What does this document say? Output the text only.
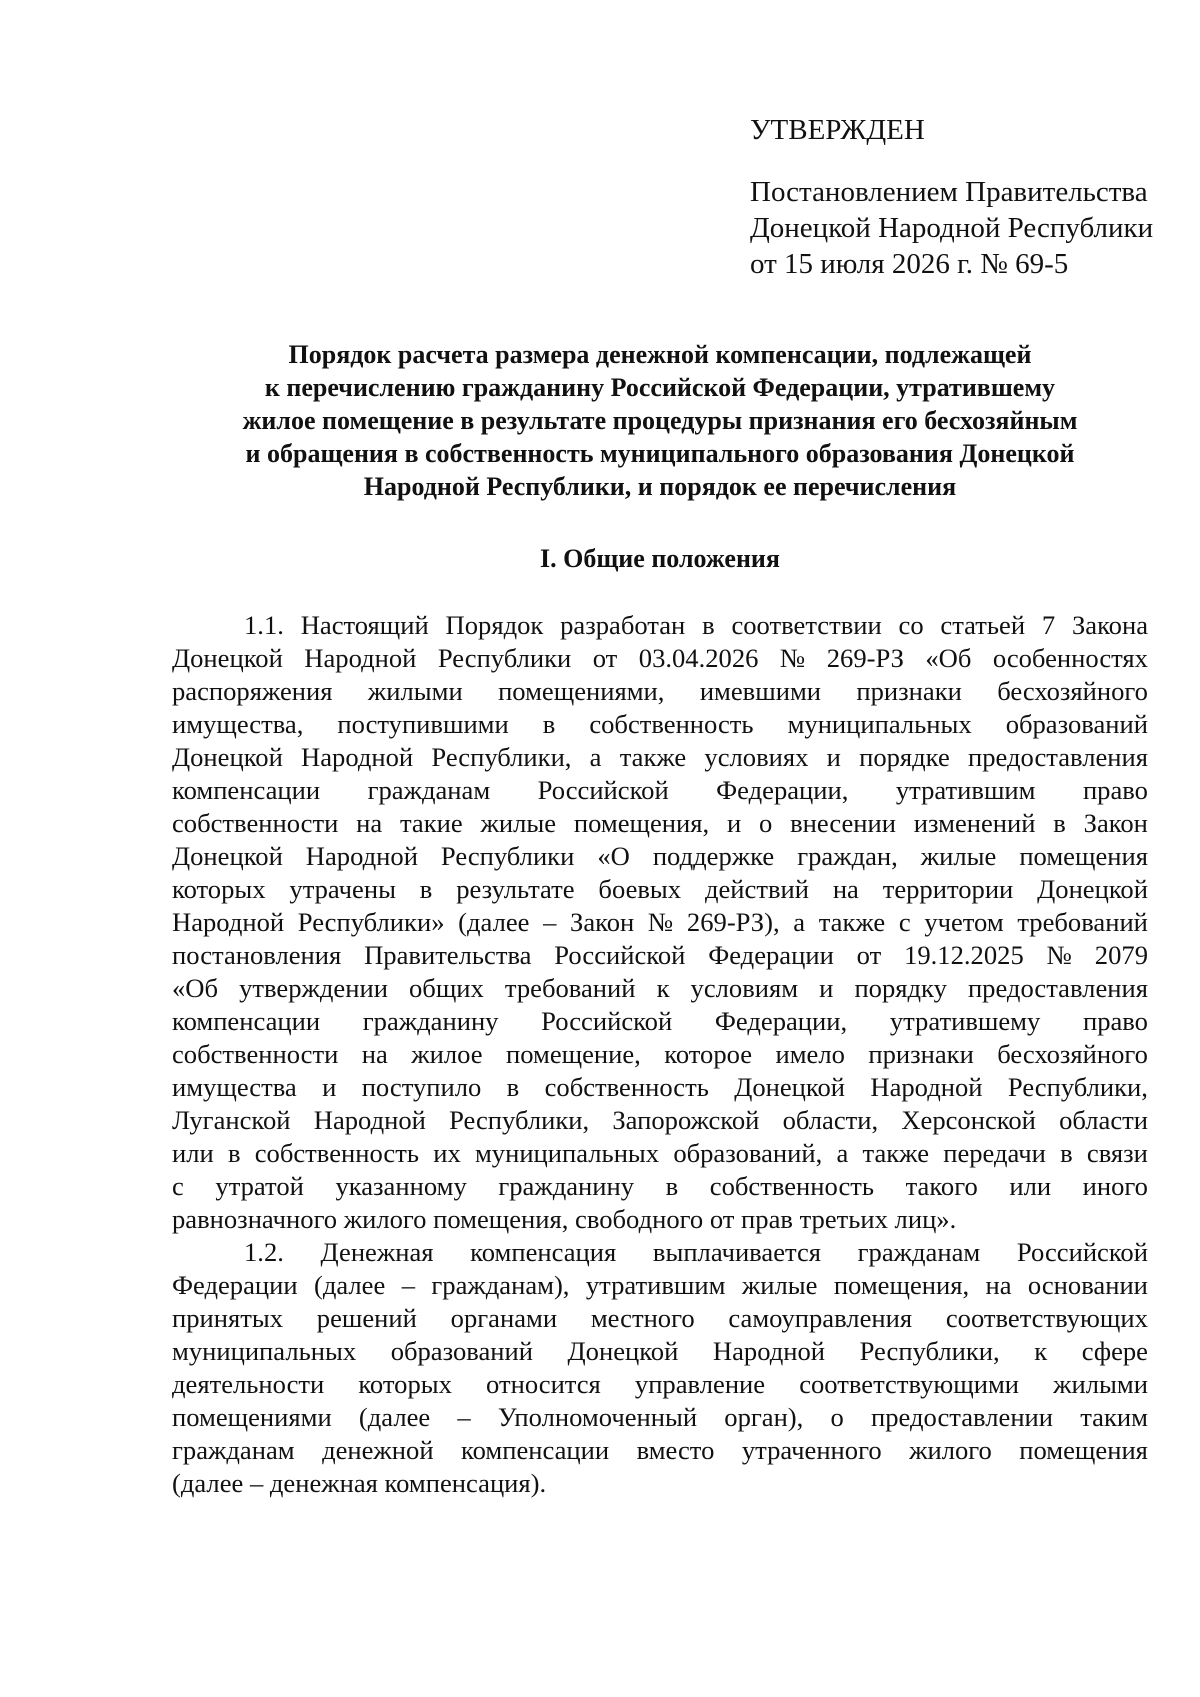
УТВЕРЖДЕН
Постановлением Правительства
Донецкой Народной Республики
от 15 июля 2026 г. № 69-5
Порядок расчета размера денежной компенсации, подлежащей
к перечислению гражданину Российской Федерации, утратившему
жилое помещение в результате процедуры признания его бесхозяйным
и обращения в собственность муниципального образования Донецкой
Народной Республики, и порядок ее перечисления
I. Общие положения
1.1. Настоящий Порядок разработан в соответствии со статьей 7 Закона
Донецкой Народной Республики от 03.04.2026 № 269-РЗ «Об особенностях
распоряжения жилыми помещениями, имевшими признаки бесхозяйного
имущества, поступившими в собственность муниципальных образований
Донецкой Народной Республики, а также условиях и порядке предоставления
компенсации гражданам Российской Федерации, утратившим право
собственности на такие жилые помещения, и о внесении изменений в Закон
Донецкой Народной Республики «О поддержке граждан, жилые помещения
которых утрачены в результате боевых действий на территории Донецкой
Народной Республики» (далее – Закон № 269-РЗ), а также с учетом требований
постановления Правительства Российской Федерации от 19.12.2025 № 2079
«Об утверждении общих требований к условиям и порядку предоставления
компенсации гражданину Российской Федерации, утратившему право
собственности на жилое помещение, которое имело признаки бесхозяйного
имущества и поступило в собственность Донецкой Народной Республики,
Луганской Народной Республики, Запорожской области, Херсонской области
или в собственность их муниципальных образований, а также передачи в связи
с утратой указанному гражданину в собственность такого или иного
равнозначного жилого помещения, свободного от прав третьих лиц».
1.2. Денежная компенсация выплачивается гражданам Российской
Федерации (далее – гражданам), утратившим жилые помещения, на основании
принятых решений органами местного самоуправления соответствующих
муниципальных образований Донецкой Народной Республики, к сфере
деятельности которых относится управление соответствующими жилыми
помещениями (далее – Уполномоченный орган), о предоставлении таким
гражданам денежной компенсации вместо утраченного жилого помещения
(далее – денежная компенсация).
